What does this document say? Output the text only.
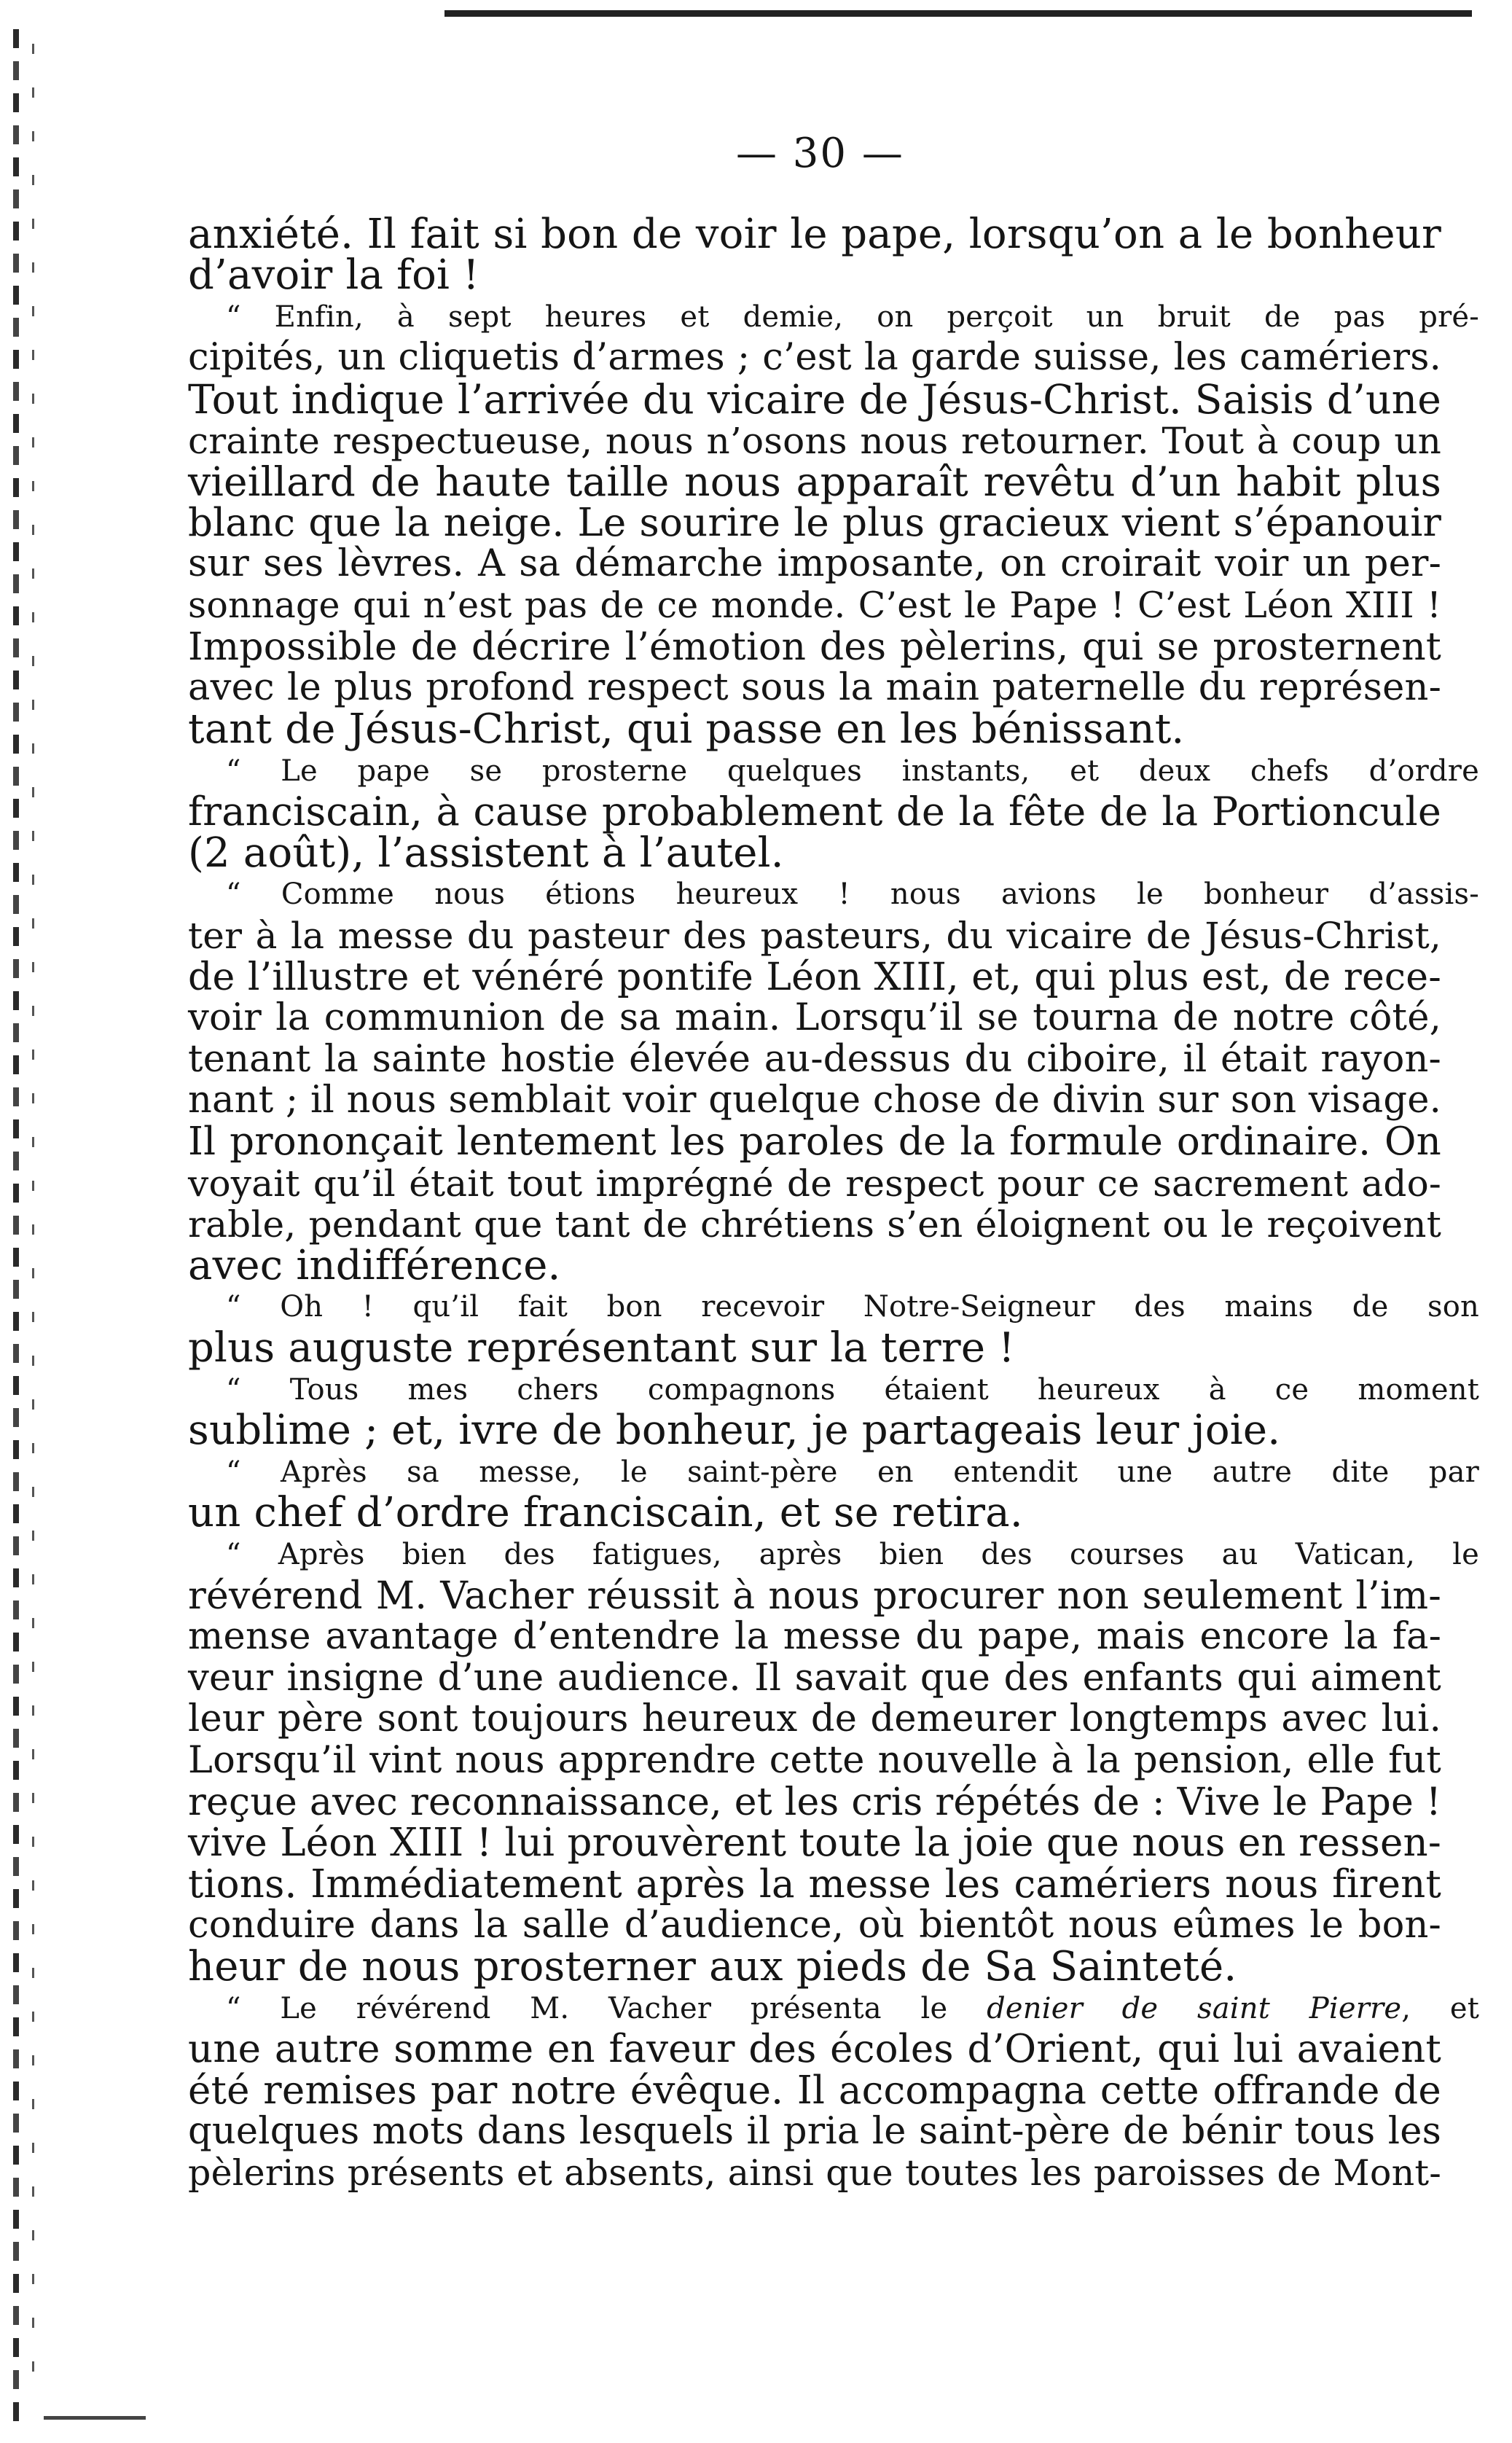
— 30 —
anxiété. Il fait si bon de voir le pape, lorsqu’on a le bonheur
d’avoir la foi !
“ Enfin, à sept heures et demie, on perçoit un bruit de pas pré-
cipités, un cliquetis d’armes ; c’est la garde suisse, les camériers.
Tout indique l’arrivée du vicaire de Jésus-Christ. Saisis d’une
crainte respectueuse, nous n’osons nous retourner. Tout à coup un
vieillard de haute taille nous apparaît revêtu d’un habit plus
blanc que la neige. Le sourire le plus gracieux vient s’épanouir
sur ses lèvres. A sa démarche imposante, on croirait voir un per-
sonnage qui n’est pas de ce monde. C’est le Pape ! C’est Léon XIII !
Impossible de décrire l’émotion des pèlerins, qui se prosternent
avec le plus profond respect sous la main paternelle du représen-
tant de Jésus-Christ, qui passe en les bénissant.
“ Le pape se prosterne quelques instants, et deux chefs d’ordre
franciscain, à cause probablement de la fête de la Portioncule
(2 août), l’assistent à l’autel.
“ Comme nous étions heureux ! nous avions le bonheur d’assis-
ter à la messe du pasteur des pasteurs, du vicaire de Jésus-Christ,
de l’illustre et vénéré pontife Léon XIII, et, qui plus est, de rece-
voir la communion de sa main. Lorsqu’il se tourna de notre côté,
tenant la sainte hostie élevée au-dessus du ciboire, il était rayon-
nant ; il nous semblait voir quelque chose de divin sur son visage.
Il prononçait lentement les paroles de la formule ordinaire. On
voyait qu’il était tout imprégné de respect pour ce sacrement ado-
rable, pendant que tant de chrétiens s’en éloignent ou le reçoivent
avec indifférence.
“ Oh ! qu’il fait bon recevoir Notre-Seigneur des mains de son
plus auguste représentant sur la terre !
“ Tous mes chers compagnons étaient heureux à ce moment
sublime ; et, ivre de bonheur, je partageais leur joie.
“ Après sa messe, le saint-père en entendit une autre dite par
un chef d’ordre franciscain, et se retira.
“ Après bien des fatigues, après bien des courses au Vatican, le
révérend M. Vacher réussit à nous procurer non seulement l’im-
mense avantage d’entendre la messe du pape, mais encore la fa-
veur insigne d’une audience. Il savait que des enfants qui aiment
leur père sont toujours heureux de demeurer longtemps avec lui.
Lorsqu’il vint nous apprendre cette nouvelle à la pension, elle fut
reçue avec reconnaissance, et les cris répétés de : Vive le Pape !
vive Léon XIII ! lui prouvèrent toute la joie que nous en ressen-
tions. Immédiatement après la messe les camériers nous firent
conduire dans la salle d’audience, où bientôt nous eûmes le bon-
heur de nous prosterner aux pieds de Sa Sainteté.
“ Le révérend M. Vacher présenta le denier de saint Pierre, et
une autre somme en faveur des écoles d’Orient, qui lui avaient
été remises par notre évêque. Il accompagna cette offrande de
quelques mots dans lesquels il pria le saint-père de bénir tous les
pèlerins présents et absents, ainsi que toutes les paroisses de Mont-
